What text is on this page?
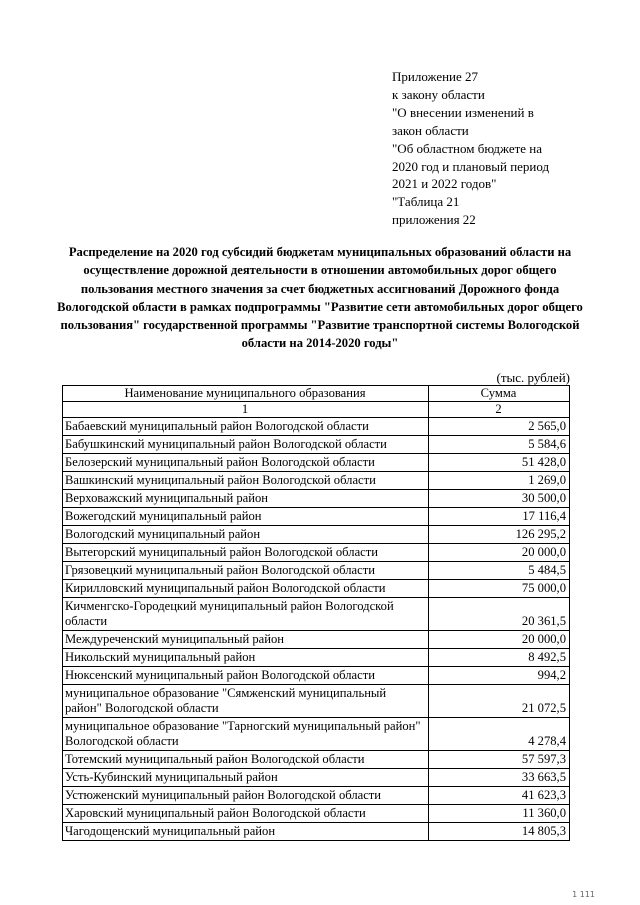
Приложение 27
к закону области
"О внесении изменений в
закон области
"Об областном бюджете на
2020 год и плановый период
2021 и 2022 годов"
"Таблица 21
приложения 22
Распределение на 2020 год субсидий бюджетам муниципальных образований области на осуществление дорожной деятельности в отношении автомобильных дорог общего пользования местного значения за счет бюджетных ассигнований Дорожного фонда Вологодской области в рамках подпрограммы "Развитие сети автомобильных дорог общего пользования" государственной программы "Развитие транспортной системы Вологодской области на 2014-2020 годы"
(тыс. рублей)
Наименование муниципального образования	Сумма
1	2
Бабаевский муниципальный район Вологодской области	2 565,0
Бабушкинский муниципальный район Вологодской области	5 584,6
Белозерский муниципальный район Вологодской области	51 428,0
Вашкинский муниципальный район Вологодской области	1 269,0
Верховажский муниципальный район	30 500,0
Вожегодский муниципальный район	17 116,4
Вологодский муниципальный район	126 295,2
Вытегорский муниципальный район Вологодской области	20 000,0
Грязовецкий муниципальный район Вологодской области	5 484,5
Кирилловский муниципальный район Вологодской области	75 000,0
Кичменгско-Городецкий муниципальный район Вологодской области	20 361,5
Междуреченский муниципальный район	20 000,0
Никольский муниципальный район	8 492,5
Нюксенский муниципальный район Вологодской области	994,2
муниципальное образование "Сямженский муниципальный район" Вологодской области	21 072,5
муниципальное образование "Тарногский муниципальный район" Вологодской области	4 278,4
Тотемский муниципальный район Вологодской области	57 597,3
Усть-Кубинский муниципальный район	33 663,5
Устюженский муниципальный район Вологодской области	41 623,3
Харовский муниципальный район Вологодской области	11 360,0
Чагодощенский муниципальный район	14 805,3
1 111
